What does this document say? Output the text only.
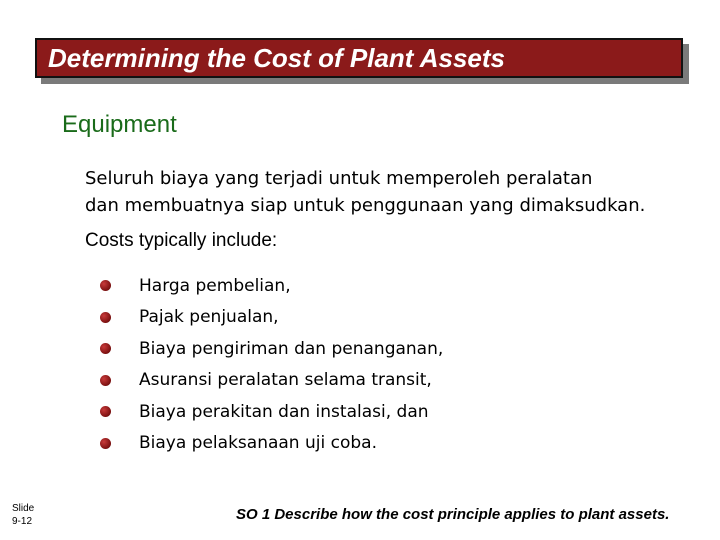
Determining the Cost of Plant Assets
Equipment
Seluruh biaya yang terjadi untuk memperoleh peralatan
dan membuatnya siap untuk penggunaan yang dimaksudkan.
Costs typically include:
Harga pembelian,
Pajak penjualan,
Biaya pengiriman dan penanganan,
Asuransi peralatan selama transit,
Biaya perakitan dan instalasi, dan
Biaya pelaksanaan uji coba.
Slide
9-12	SO 1 Describe how the cost principle applies to plant assets.
